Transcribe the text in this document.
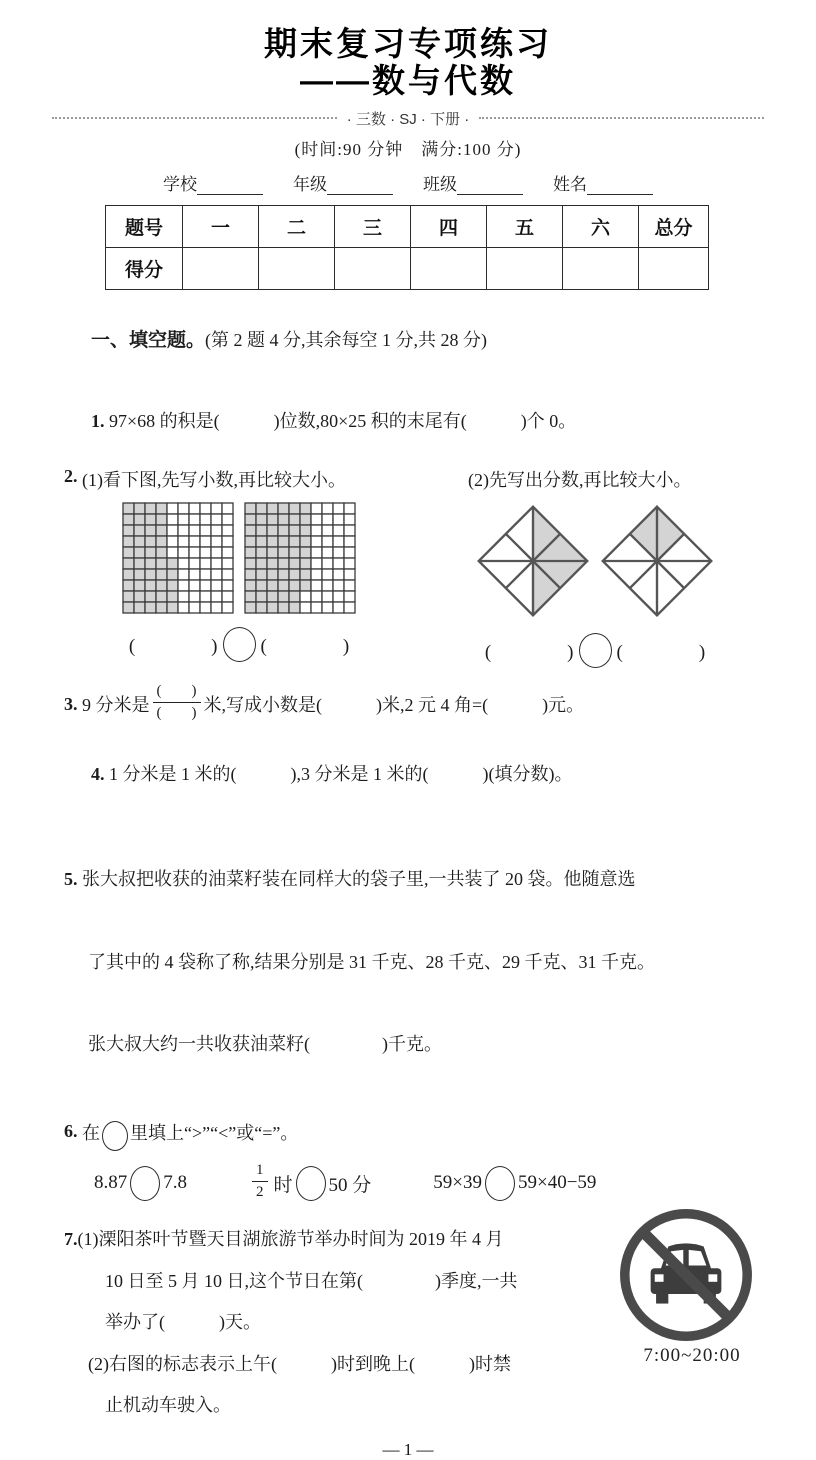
期末复习专项练习
——数与代数
· 三数 · SJ · 下册 ·
(时间:90 分钟　满分:100 分)
学校	年级	班级	姓名
题号	一	二	三	四	五	六	总分
得分							

一、填空题。(第 2 题 4 分,其余每空 1 分,共 28 分)

1. 97×68 的积是(　　　)位数,80×25 积的末尾有(　　　)个 0。

2.
(1)看下图,先写小数,再比较大小。	(2)先写出分数,再比较大小。
(　　　　) (　　　　)	(　　　　) (　　　　)
3.
9 分米是 $\frac{( )}{( )}$ 米,写成小数是(　　　)米,2 元 4 角=(　　　)元。

4. 1 分米是 1 米的(　　　),3 分米是 1 米的(　　　)(填分数)。

5. 张大叔把收获的油菜籽装在同样大的袋子里,一共装了 20 袋。他随意选

了其中的 4 袋称了称,结果分别是 31 千克、28 千克、29 千克、31 千克。

张大叔大约一共收获油菜籽(　　　　)千克。

6.
在 里填上“>”“<”或“=”。
8.87 7.8	$\frac{1}{2}$ 时 50 分	59×39 59×40−59
7.(1)溧阳茶叶节暨天目湖旅游节举办时间为 2019 年 4 月
10 日至 5 月 10 日,这个节日在第(　　　　)季度,一共
举办了(　　　)天。
(2)右图的标志表示上午(　　　)时到晚上(　　　)时禁
止机动车驶入。
7:00~20:00
— 1 —
